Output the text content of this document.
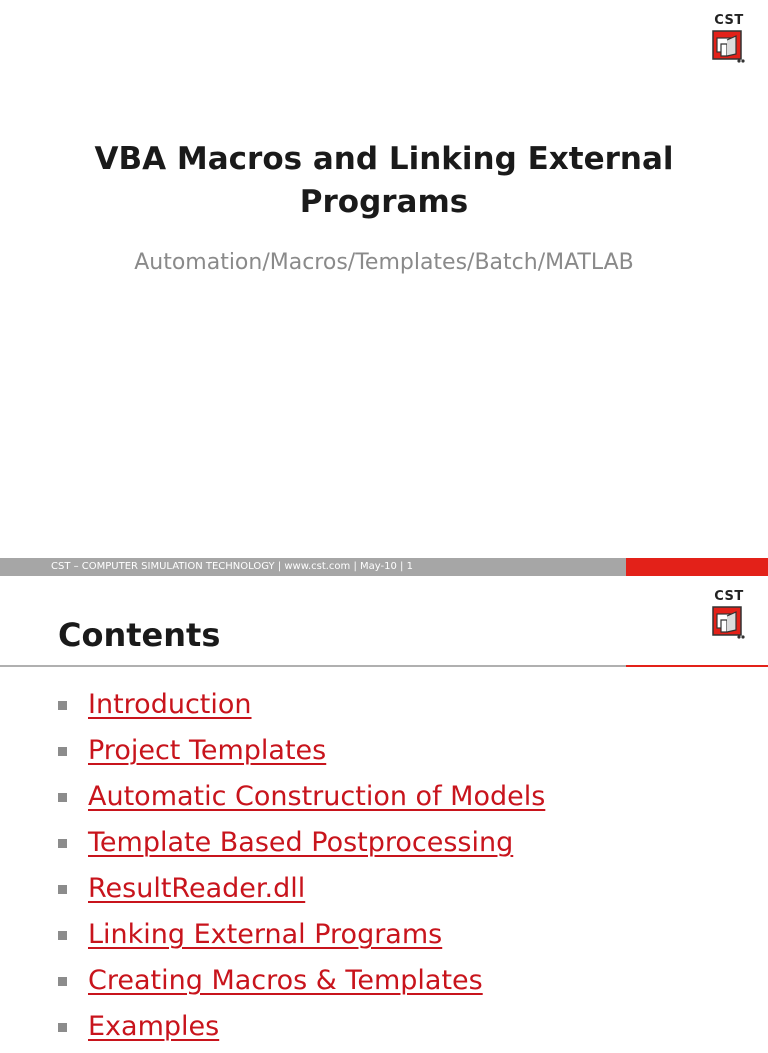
CST
VBA Macros and Linking External
Programs

Automation/Macros/Templates/Batch/MATLAB

CST – COMPUTER SIMULATION TECHNOLOGY | www.cst.com | May-10 | 1
CST
Contents
Introduction
Project Templates
Automatic Construction of Models
Template Based Postprocessing
ResultReader.dll
Linking External Programs
Creating Macros & Templates
Examples
